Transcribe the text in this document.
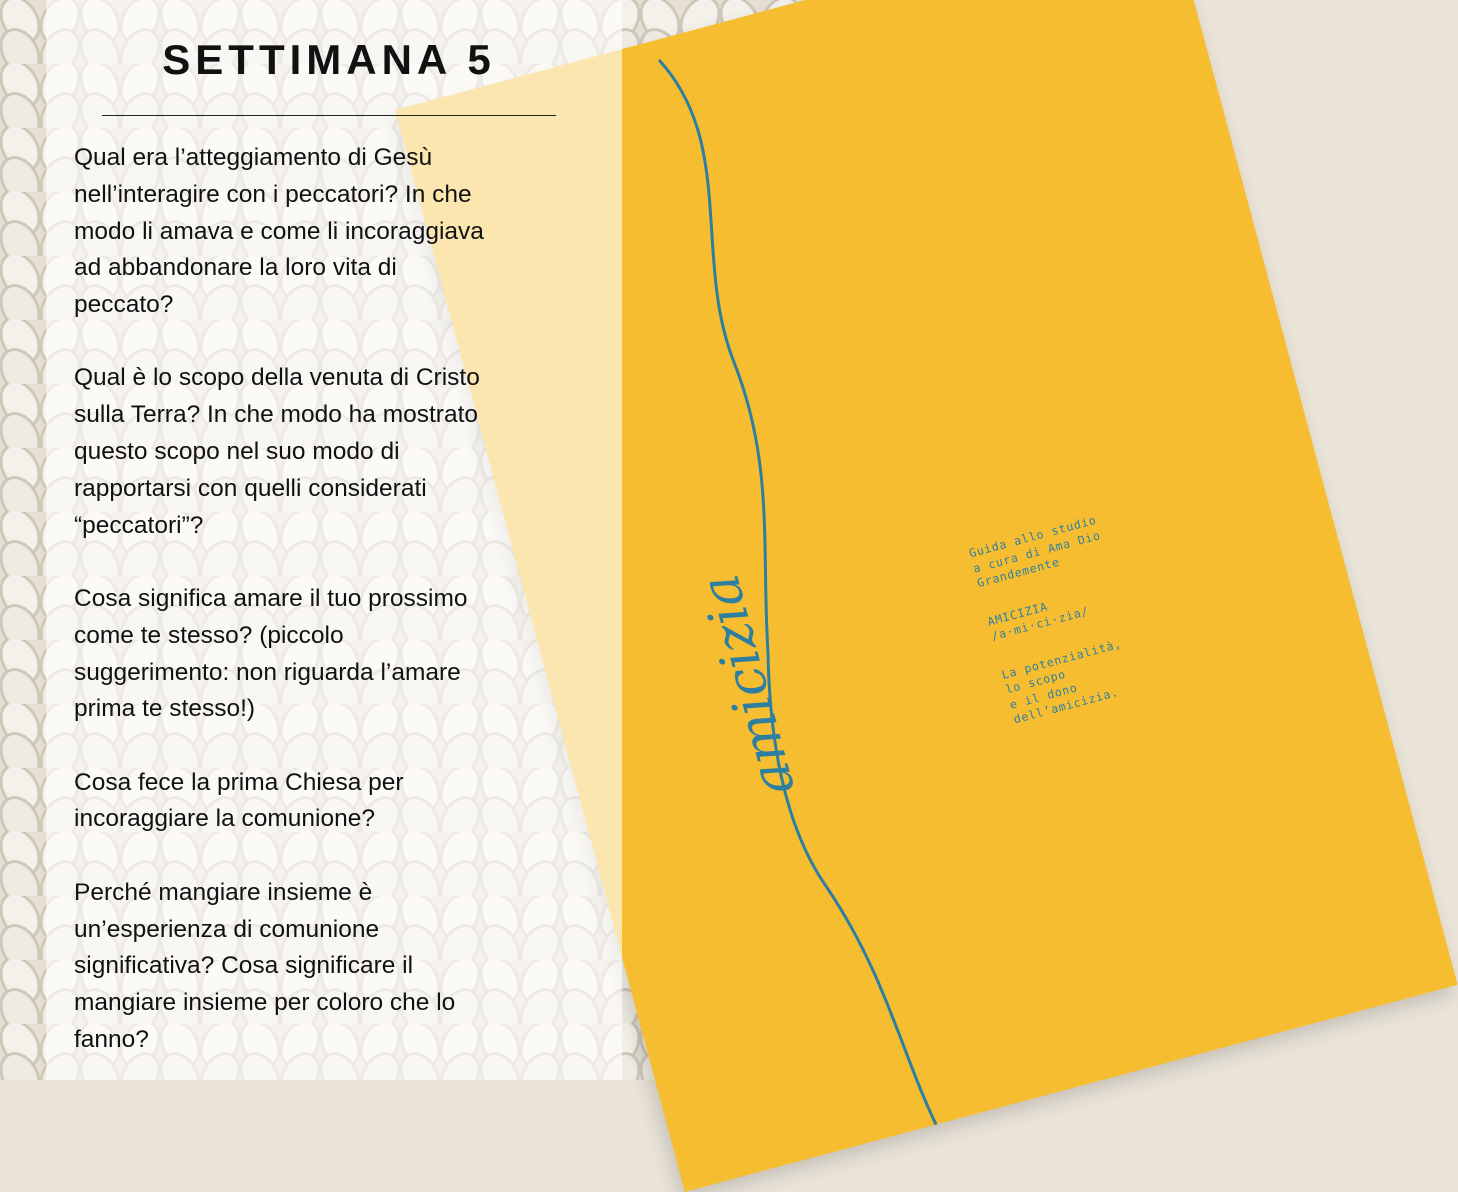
amicizia

Guida allo studio
a cura di Ama Dio
Grandemente

AMICIZIA
/a·mi·ci·zia/

La potenzialità,
lo scopo
e il dono
dell’amicizia.

SETTIMANA 5

Qual era l’atteggiamento di Gesù
nell’interagire con i peccatori? In che
modo li amava e come li incoraggiava
ad abbandonare la loro vita di
peccato?

Qual è lo scopo della venuta di Cristo
sulla Terra? In che modo ha mostrato
questo scopo nel suo modo di
rapportarsi con quelli considerati
“peccatori”?

Cosa significa amare il tuo prossimo
come te stesso? (piccolo
suggerimento: non riguarda l’amare
prima te stesso!)

Cosa fece la prima Chiesa per
incoraggiare la comunione?

Perché mangiare insieme è
un’esperienza di comunione
significativa? Cosa significare il
mangiare insieme per coloro che lo
fanno?
